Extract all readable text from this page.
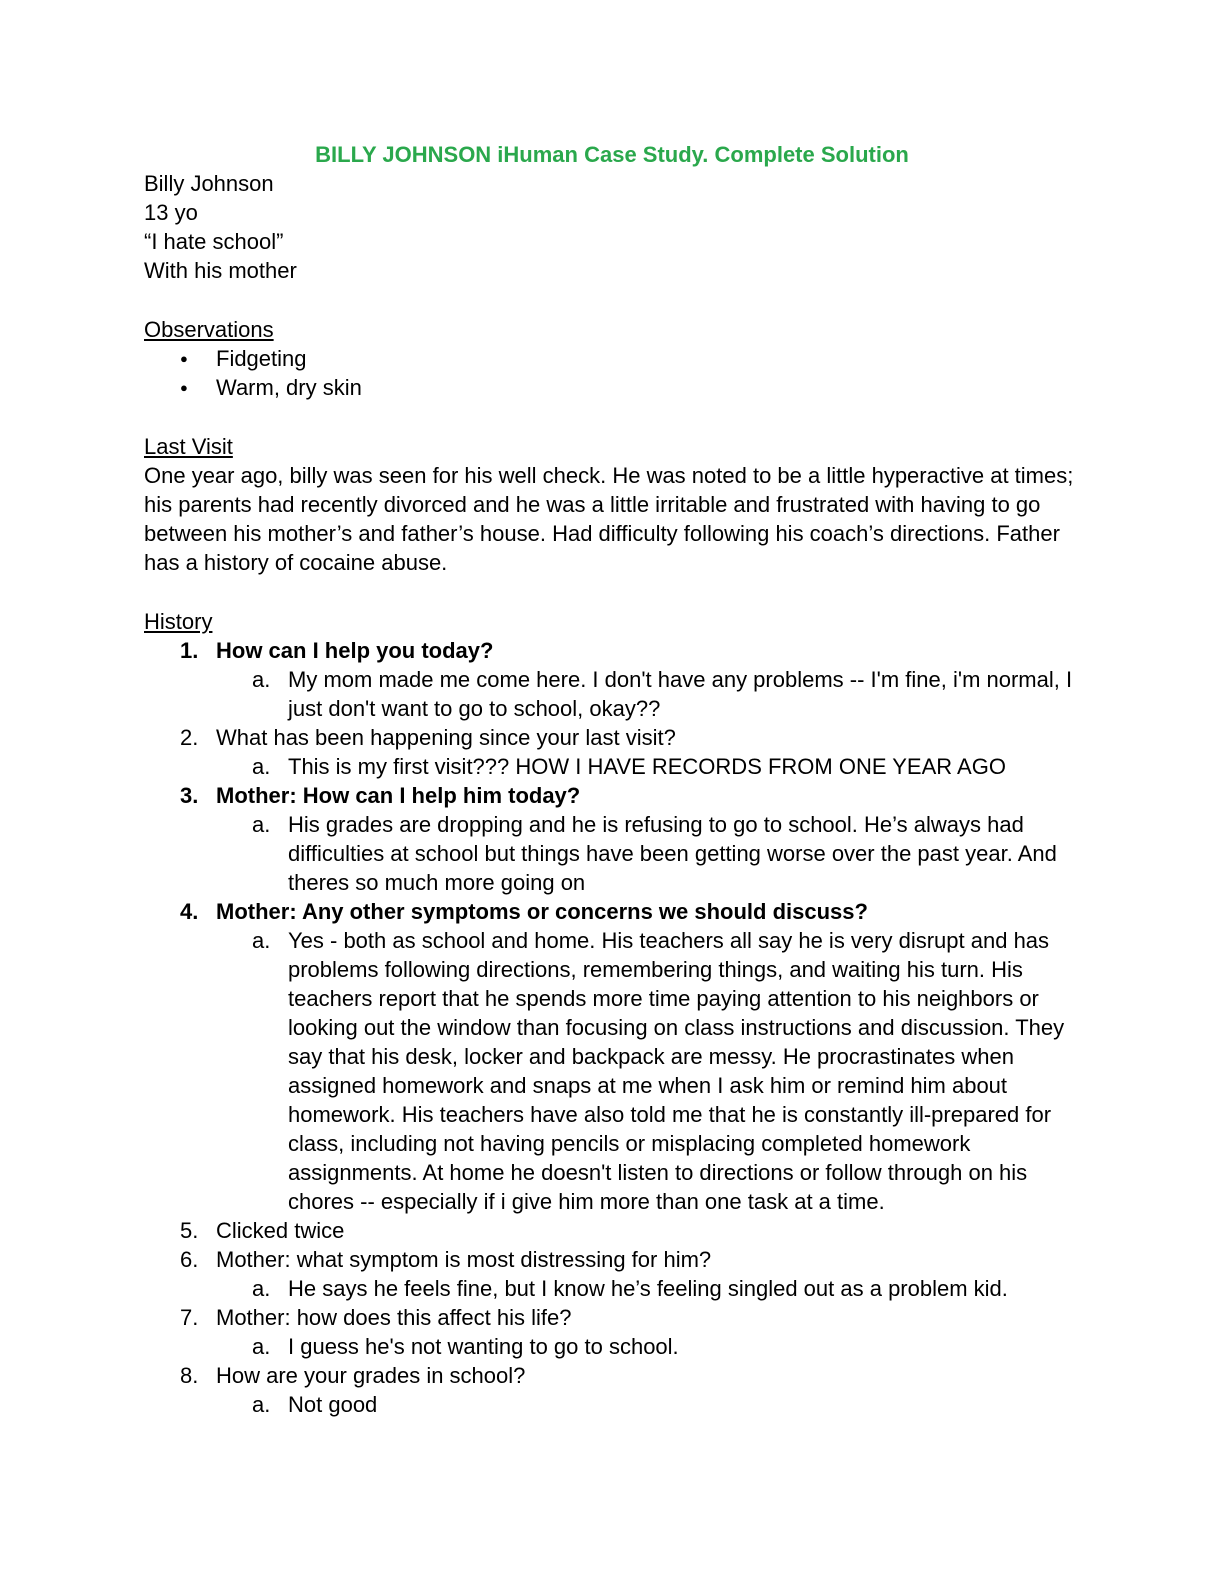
BILLY JOHNSON iHuman Case Study. Complete Solution

Billy Johnson

13 yo

“I hate school”

With his mother

Observations

●	Fidgeting
●	Warm, dry skin

Last Visit

One year ago, billy was seen for his well check. He was noted to be a little hyperactive at times; his parents had recently divorced and he was a little irritable and frustrated with having to go between his mother’s and father’s house. Had difficulty following his coach’s directions. Father has a history of cocaine abuse.

History

1. How can I help you today?
a. My mom made me come here. I don't have any problems -- I'm fine, i'm normal, I just don't want to go to school, okay??
2. What has been happening since your last visit?
a. This is my first visit??? HOW I HAVE RECORDS FROM ONE YEAR AGO
3. Mother: How can I help him today?
a. His grades are dropping and he is refusing to go to school. He’s always had difficulties at school but things have been getting worse over the past year. And theres so much more going on
4. Mother: Any other symptoms or concerns we should discuss?
a. Yes - both as school and home. His teachers all say he is very disrupt and has problems following directions, remembering things, and waiting his turn. His teachers report that he spends more time paying attention to his neighbors or looking out the window than focusing on class instructions and discussion. They say that his desk, locker and backpack are messy. He procrastinates when assigned homework and snaps at me when I ask him or remind him about homework. His teachers have also told me that he is constantly ill-prepared for class, including not having pencils or misplacing completed homework assignments. At home he doesn't listen to directions or follow through on his chores -- especially if i give him more than one task at a time.
5. Clicked twice
6. Mother: what symptom is most distressing for him?
a. He says he feels fine, but I know he’s feeling singled out as a problem kid.
7. Mother: how does this affect his life?
a. I guess he's not wanting to go to school.
8. How are your grades in school?
a. Not good
